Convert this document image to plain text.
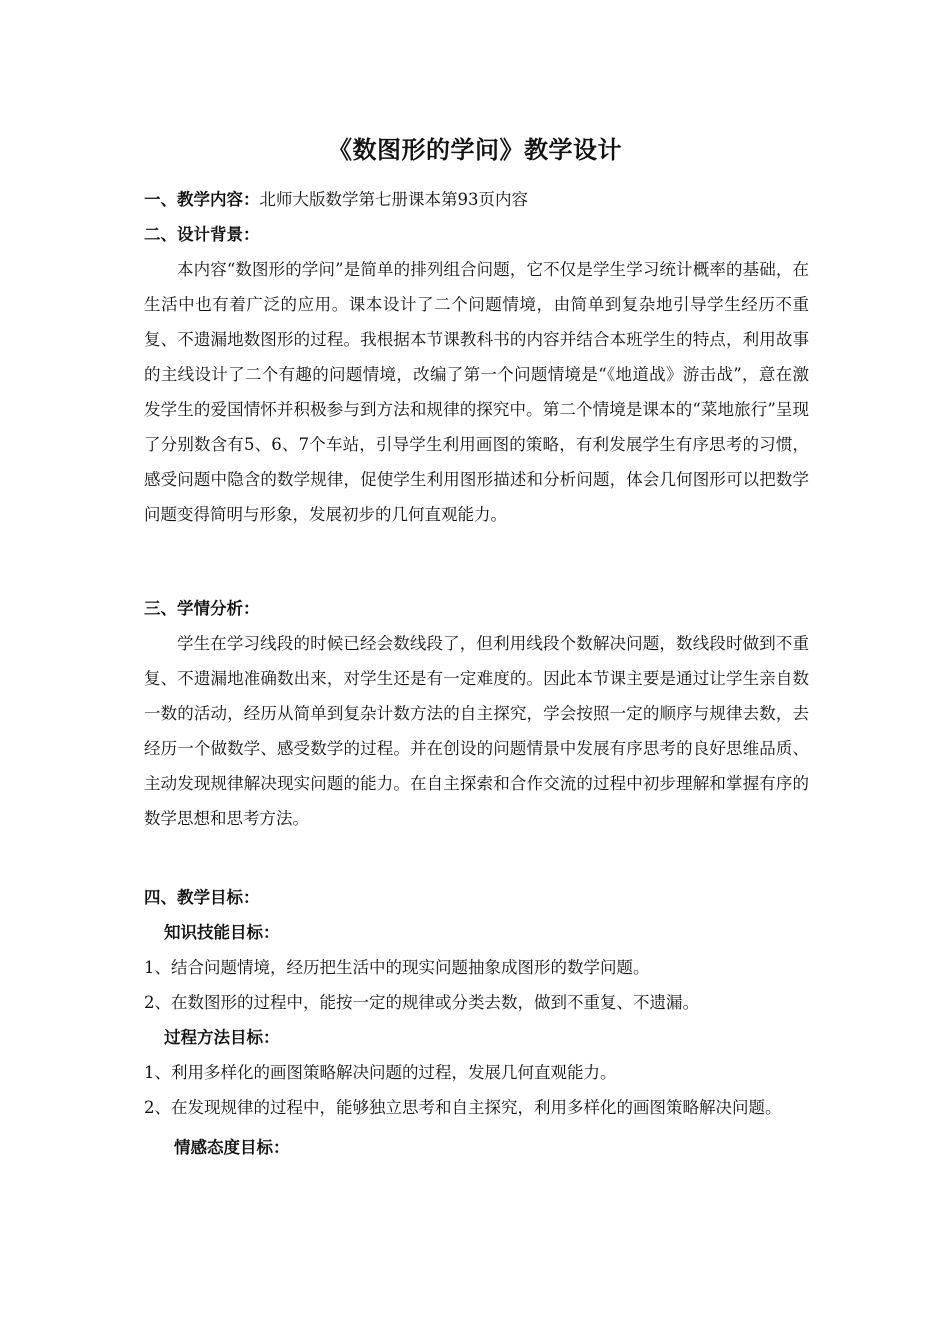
《数图形的学问》教学设计
一、教学内容：北师大版数学第七册课本第93页内容
二、设计背景：

本内容“数图形的学问”是简单的排列组合问题，它不仅是学生学习统计概率的基础，在生活中也有着广泛的应用。课本设计了二个问题情境，由简单到复杂地引导学生经历不重复、不遗漏地数图形的过程。我根据本节课教科书的内容并结合本班学生的特点，利用故事的主线设计了二个有趣的问题情境，改编了第一个问题情境是“《地道战》游击战”，意在激发学生的爱国情怀并积极参与到方法和规律的探究中。第二个情境是课本的“菜地旅行”呈现了分别数含有5、6、7个车站，引导学生利用画图的策略，有利发展学生有序思考的习惯，感受问题中隐含的数学规律，促使学生利用图形描述和分析问题，体会几何图形可以把数学问题变得简明与形象，发展初步的几何直观能力。

三、学情分析：

学生在学习线段的时候已经会数线段了，但利用线段个数解决问题，数线段时做到不重复、不遗漏地准确数出来，对学生还是有一定难度的。因此本节课主要是通过让学生亲自数一数的活动，经历从简单到复杂计数方法的自主探究，学会按照一定的顺序与规律去数，去经历一个做数学、感受数学的过程。并在创设的问题情景中发展有序思考的良好思维品质、主动发现规律解决现实问题的能力。在自主探索和合作交流的过程中初步理解和掌握有序的数学思想和思考方法。

四、教学目标：
知识技能目标：

1、结合问题情境，经历把生活中的现实问题抽象成图形的数学问题。

2、在数图形的过程中，能按一定的规律或分类去数，做到不重复、不遗漏。

过程方法目标：

1、利用多样化的画图策略解决问题的过程，发展几何直观能力。

2、在发现规律的过程中，能够独立思考和自主探究，利用多样化的画图策略解决问题。

情感态度目标：
